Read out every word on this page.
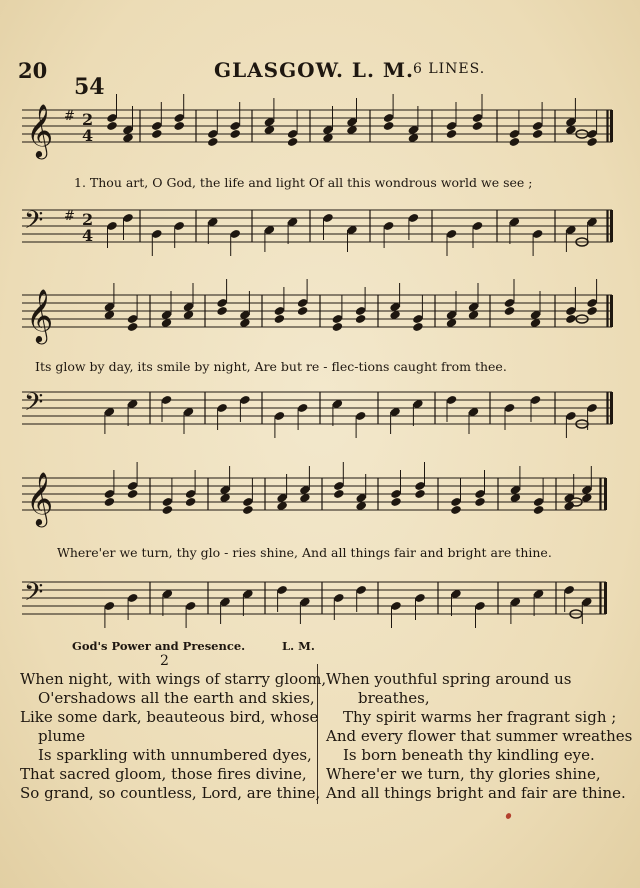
20
54
GLASGOW. L. M. 6 LINES.
𝄞 # 2
4
𝄢 # 2
4
𝄞
𝄢
𝄞
𝄢
1. Thou art, O God, the life and light Of all this wondrous world we see ;
Its glow by day, its smile by night, Are but re - flec-tions caught from thee.
Where'er we turn, thy glo - ries shine, And all things fair and bright are thine.
God's Power and Presence.	L. M.
2
When night, with wings of starry gloom,
O'ershadows all the earth and skies,
Like some dark, beauteous bird, whose
plume
Is sparkling with unnumbered dyes,
That sacred gloom, those fires divine,
So grand, so countless, Lord, are thine,
When youthful spring around us
breathes,
Thy spirit warms her fragrant sigh ;
And every flower that summer wreathes
Is born beneath thy kindling eye.
Where'er we turn, thy glories shine,
And all things bright and fair are thine.
